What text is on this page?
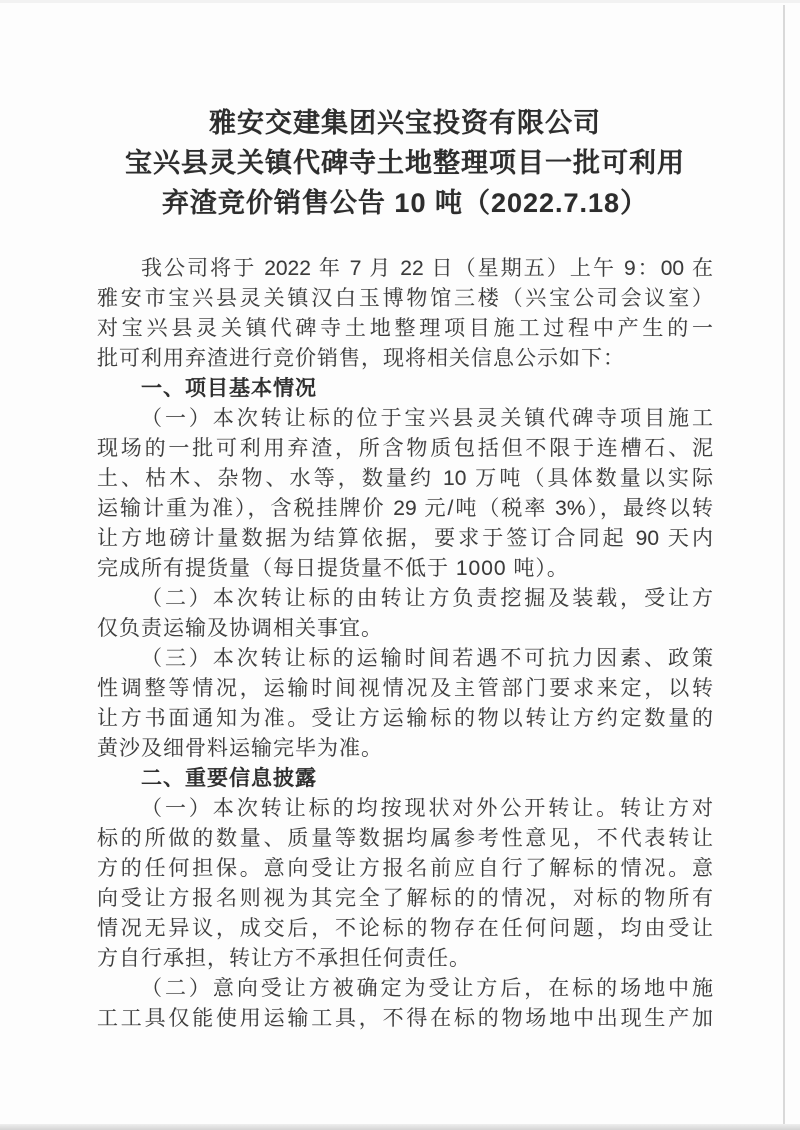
雅安交建集团兴宝投资有限公司
宝兴县灵关镇代碑寺土地整理项目一批可利用
弃渣竞价销售公告 10 吨（2022.7.18）
我公司将于 2022 年 7 月 22 日（星期五）上午 9：00 在
雅安市宝兴县灵关镇汉白玉博物馆三楼（兴宝公司会议室）
对宝兴县灵关镇代碑寺土地整理项目施工过程中产生的一
批可利用弃渣进行竞价销售，现将相关信息公示如下：
一、项目基本情况
（一）本次转让标的位于宝兴县灵关镇代碑寺项目施工
现场的一批可利用弃渣，所含物质包括但不限于连槽石、泥
土、枯木、杂物、水等，数量约 10 万吨（具体数量以实际
运输计重为准），含税挂牌价 29 元/吨（税率 3%），最终以转
让方地磅计量数据为结算依据，要求于签订合同起 90 天内
完成所有提货量（每日提货量不低于 1000 吨）。
（二）本次转让标的由转让方负责挖掘及装载，受让方
仅负责运输及协调相关事宜。
（三）本次转让标的运输时间若遇不可抗力因素、政策
性调整等情况，运输时间视情况及主管部门要求来定，以转
让方书面通知为准。受让方运输标的物以转让方约定数量的
黄沙及细骨料运输完毕为准。
二、重要信息披露
（一）本次转让标的均按现状对外公开转让。转让方对
标的所做的数量、质量等数据均属参考性意见，不代表转让
方的任何担保。意向受让方报名前应自行了解标的情况。意
向受让方报名则视为其完全了解标的的情况，对标的物所有
情况无异议，成交后，不论标的物存在任何问题，均由受让
方自行承担，转让方不承担任何责任。
（二）意向受让方被确定为受让方后，在标的场地中施
工工具仅能使用运输工具，不得在标的物场地中出现生产加
